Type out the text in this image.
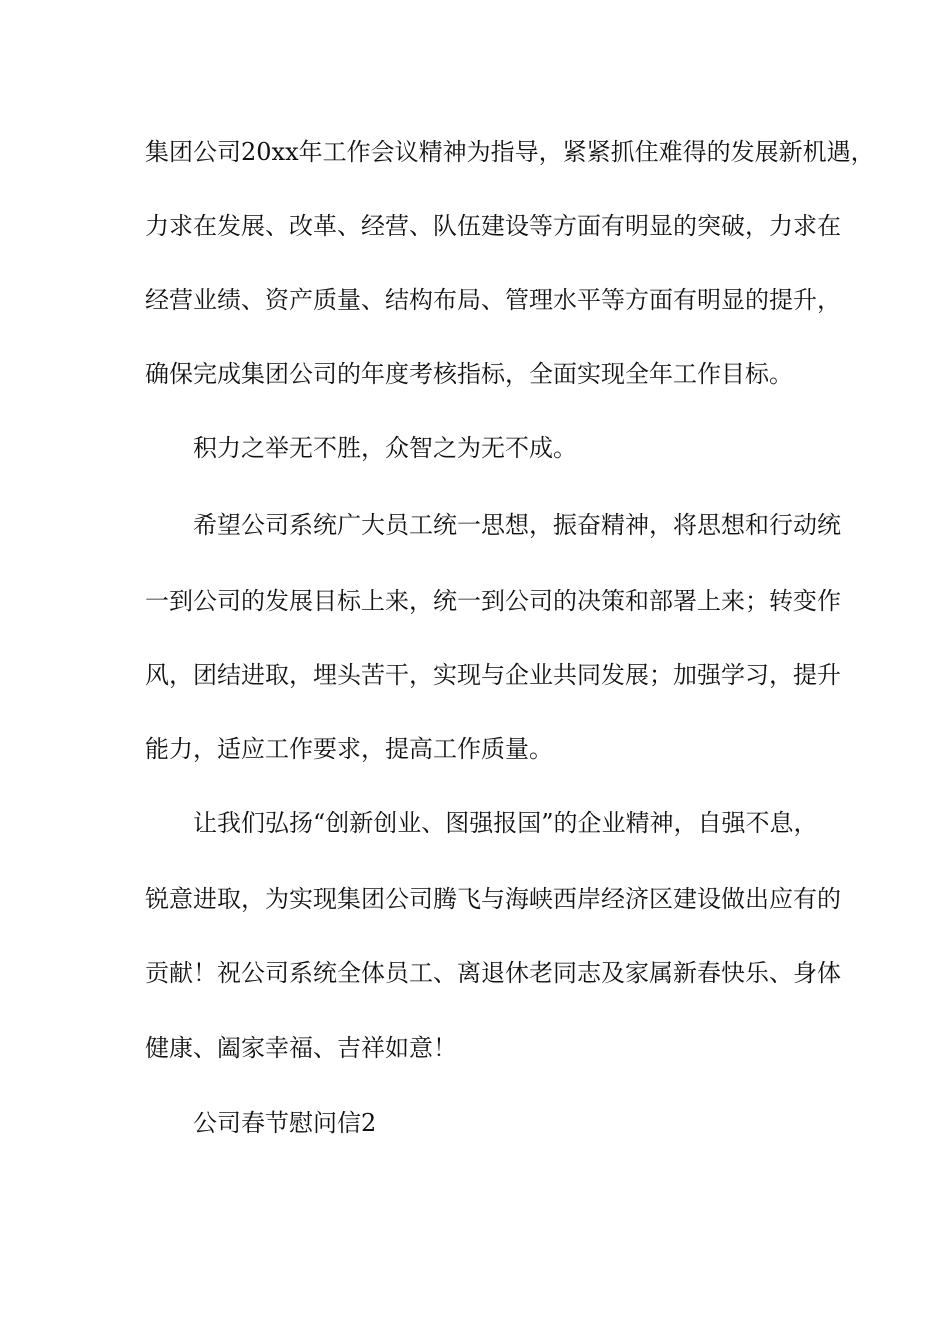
集团公司20xx年工作会议精神为指导，紧紧抓住难得的发展新机遇，
力求在发展、改革、经营、队伍建设等方面有明显的突破，力求在
经营业绩、资产质量、结构布局、管理水平等方面有明显的提升，
确保完成集团公司的年度考核指标，全面实现全年工作目标。
积力之举无不胜，众智之为无不成。
希望公司系统广大员工统一思想，振奋精神，将思想和行动统
一到公司的发展目标上来，统一到公司的决策和部署上来；转变作
风，团结进取，埋头苦干，实现与企业共同发展；加强学习，提升
能力，适应工作要求，提高工作质量。
让我们弘扬“创新创业、图强报国”的企业精神，自强不息，
锐意进取，为实现集团公司腾飞与海峡西岸经济区建设做出应有的
贡献！祝公司系统全体员工、离退休老同志及家属新春快乐、身体
健康、阖家幸福、吉祥如意！
公司春节慰问信2
